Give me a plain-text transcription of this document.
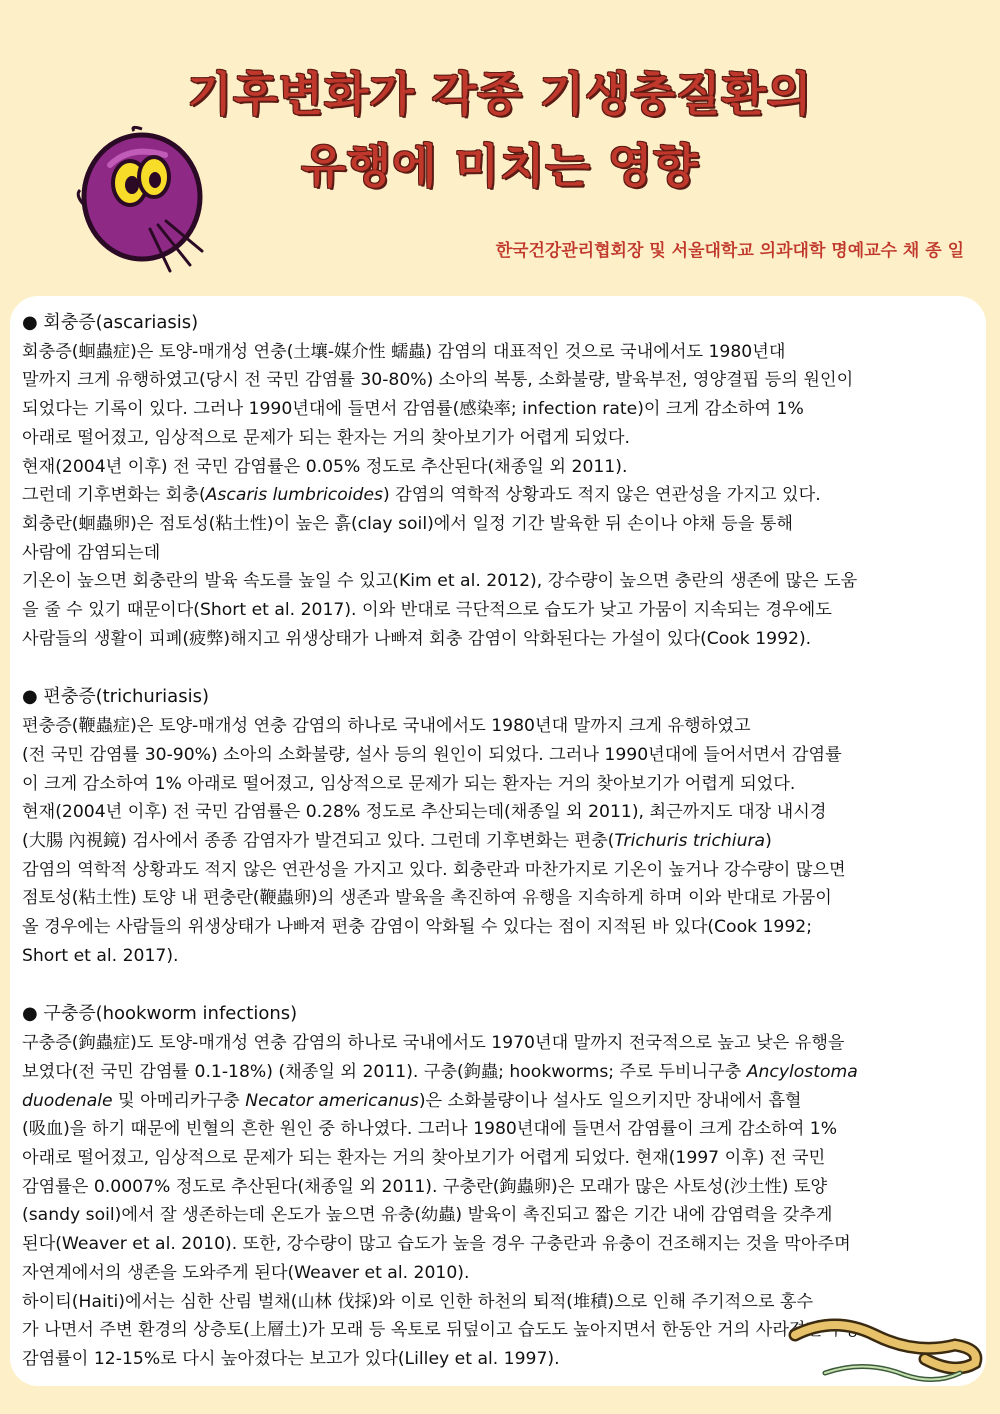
기후변화가 각종 기생충질환의
유행에 미치는 영향
한국건강관리협회장 및 서울대학교 의과대학 명예교수 채 종 일
● 회충증(ascariasis)
회충증(蛔蟲症)은 토양-매개성 연충(土壤-媒介性 蠕蟲) 감염의 대표적인 것으로 국내에서도 1980년대
말까지 크게 유행하였고(당시 전 국민 감염률 30-80%) 소아의 복통, 소화불량, 발육부전, 영양결핍 등의 원인이
되었다는 기록이 있다. 그러나 1990년대에 들면서 감염률(感染率; infection rate)이 크게 감소하여 1%
아래로 떨어졌고, 임상적으로 문제가 되는 환자는 거의 찾아보기가 어렵게 되었다.
현재(2004년 이후) 전 국민 감염률은 0.05% 정도로 추산된다(채종일 외 2011).
그런데 기후변화는 회충(Ascaris lumbricoides) 감염의 역학적 상황과도 적지 않은 연관성을 가지고 있다.
회충란(蛔蟲卵)은 점토성(粘土性)이 높은 흙(clay soil)에서 일정 기간 발육한 뒤 손이나 야채 등을 통해
사람에 감염되는데
기온이 높으면 회충란의 발육 속도를 높일 수 있고(Kim et al. 2012), 강수량이 높으면 충란의 생존에 많은 도움
을 줄 수 있기 때문이다(Short et al. 2017). 이와 반대로 극단적으로 습도가 낮고 가뭄이 지속되는 경우에도
사람들의 생활이 피폐(疲弊)해지고 위생상태가 나빠져 회충 감염이 악화된다는 가설이 있다(Cook 1992).
● 편충증(trichuriasis)
편충증(鞭蟲症)은 토양-매개성 연충 감염의 하나로 국내에서도 1980년대 말까지 크게 유행하였고
(전 국민 감염률 30-90%) 소아의 소화불량, 설사 등의 원인이 되었다. 그러나 1990년대에 들어서면서 감염률
이 크게 감소하여 1% 아래로 떨어졌고, 임상적으로 문제가 되는 환자는 거의 찾아보기가 어렵게 되었다.
현재(2004년 이후) 전 국민 감염률은 0.28% 정도로 추산되는데(채종일 외 2011), 최근까지도 대장 내시경
(大腸 內視鏡) 검사에서 종종 감염자가 발견되고 있다. 그런데 기후변화는 편충(Trichuris trichiura)
감염의 역학적 상황과도 적지 않은 연관성을 가지고 있다. 회충란과 마찬가지로 기온이 높거나 강수량이 많으면
점토성(粘土性) 토양 내 편충란(鞭蟲卵)의 생존과 발육을 촉진하여 유행을 지속하게 하며 이와 반대로 가뭄이
올 경우에는 사람들의 위생상태가 나빠져 편충 감염이 악화될 수 있다는 점이 지적된 바 있다(Cook 1992;
Short et al. 2017).
● 구충증(hookworm infections)
구충증(鉤蟲症)도 토양-매개성 연충 감염의 하나로 국내에서도 1970년대 말까지 전국적으로 높고 낮은 유행을
보였다(전 국민 감염률 0.1-18%) (채종일 외 2011). 구충(鉤蟲; hookworms; 주로 두비니구충 Ancylostoma
duodenale 및 아메리카구충 Necator americanus)은 소화불량이나 설사도 일으키지만 장내에서 흡혈
(吸血)을 하기 때문에 빈혈의 흔한 원인 중 하나였다. 그러나 1980년대에 들면서 감염률이 크게 감소하여 1%
아래로 떨어졌고, 임상적으로 문제가 되는 환자는 거의 찾아보기가 어렵게 되었다. 현재(1997 이후) 전 국민
감염률은 0.0007% 정도로 추산된다(채종일 외 2011). 구충란(鉤蟲卵)은 모래가 많은 사토성(沙土性) 토양
(sandy soil)에서 잘 생존하는데 온도가 높으면 유충(幼蟲) 발육이 촉진되고 짧은 기간 내에 감염력을 갖추게
된다(Weaver et al. 2010). 또한, 강수량이 많고 습도가 높을 경우 구충란과 유충이 건조해지는 것을 막아주며
자연계에서의 생존을 도와주게 된다(Weaver et al. 2010).
하이티(Haiti)에서는 심한 산림 벌채(山林 伐採)와 이로 인한 하천의 퇴적(堆積)으로 인해 주기적으로 홍수
가 나면서 주변 환경의 상층토(上層土)가 모래 등 옥토로 뒤덮이고 습도도 높아지면서 한동안 거의 사라졌던 구충
감염률이 12-15%로 다시 높아졌다는 보고가 있다(Lilley et al. 1997).
